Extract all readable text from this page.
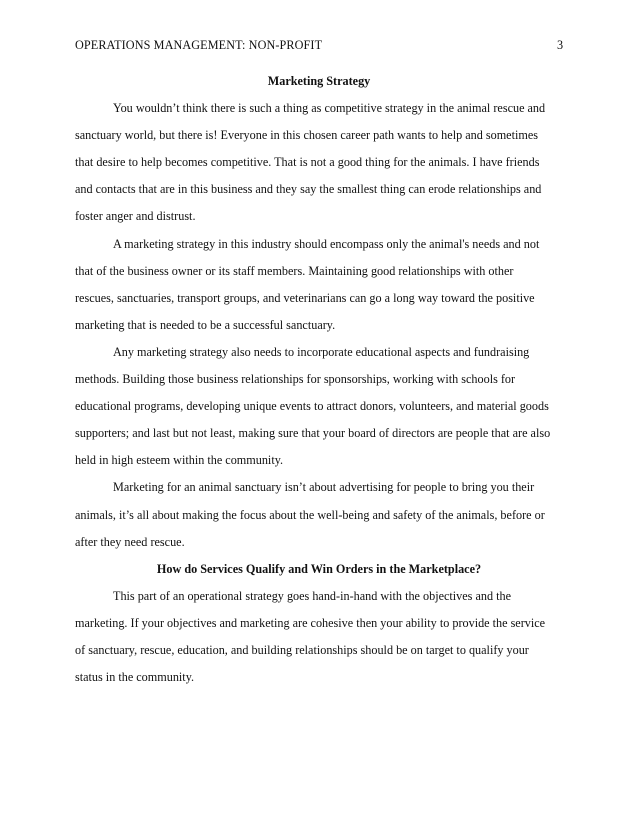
OPERATIONS MANAGEMENT: NON-PROFIT	3
Marketing Strategy
You wouldn’t think there is such a thing as competitive strategy in the animal rescue and
sanctuary world, but there is! Everyone in this chosen career path wants to help and sometimes
that desire to help becomes competitive. That is not a good thing for the animals. I have friends
and contacts that are in this business and they say the smallest thing can erode relationships and
foster anger and distrust.
A marketing strategy in this industry should encompass only the animal's needs and not
that of the business owner or its staff members. Maintaining good relationships with other
rescues, sanctuaries, transport groups, and veterinarians can go a long way toward the positive
marketing that is needed to be a successful sanctuary.
Any marketing strategy also needs to incorporate educational aspects and fundraising
methods. Building those business relationships for sponsorships, working with schools for
educational programs, developing unique events to attract donors, volunteers, and material goods
supporters; and last but not least, making sure that your board of directors are people that are also
held in high esteem within the community.
Marketing for an animal sanctuary isn’t about advertising for people to bring you their
animals, it’s all about making the focus about the well-being and safety of the animals, before or
after they need rescue.
How do Services Qualify and Win Orders in the Marketplace?
This part of an operational strategy goes hand-in-hand with the objectives and the
marketing. If your objectives and marketing are cohesive then your ability to provide the service
of sanctuary, rescue, education, and building relationships should be on target to qualify your
status in the community.
